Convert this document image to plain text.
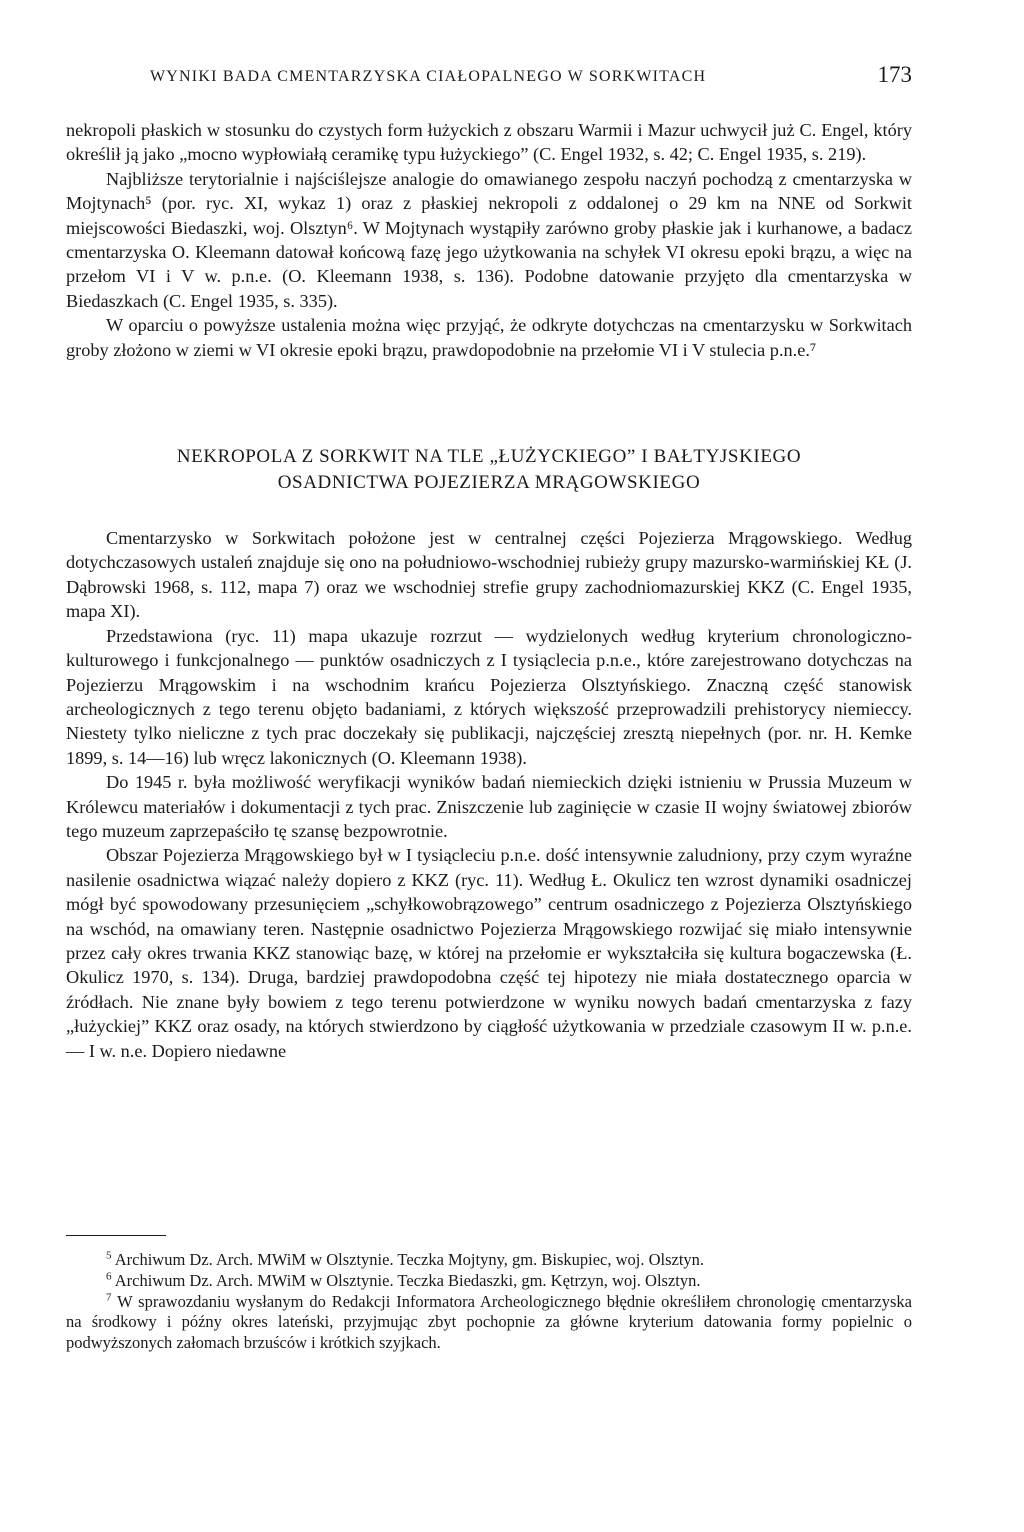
WYNIKI BADA CMENTARZYSKA CIAŁOPALNEGO W SORKWITACH	173

nekropoli płaskich w stosunku do czystych form łużyckich z obszaru Warmii i Mazur uchwycił już C. Engel, który określił ją jako „mocno wypłowiałą ceramikę typu łużyckiego” (C. Engel 1932, s. 42; C. Engel 1935, s. 219).

Najbliższe terytorialnie i najściślejsze analogie do omawianego zespołu naczyń pochodzą z cmentarzyska w Mojtynach⁵ (por. ryc. XI, wykaz 1) oraz z płaskiej nekropoli z oddalonej o 29 km na NNE od Sorkwit miejscowości Biedaszki, woj. Olsztyn⁶. W Mojtynach wystąpiły zarówno groby płaskie jak i kurhanowe, a badacz cmentarzyska O. Kleemann datował końcową fazę jego użytkowania na schyłek VI okresu epoki brązu, a więc na przełom VI i V w. p.n.e. (O. Kleemann 1938, s. 136). Podobne datowanie przyjęto dla cmentarzyska w Biedaszkach (C. Engel 1935, s. 335).

W oparciu o powyższe ustalenia można więc przyjąć, że odkryte dotychczas na cmentarzysku w Sorkwitach groby złożono w ziemi w VI okresie epoki brązu, prawdopodobnie na przełomie VI i V stulecia p.n.e.⁷

NEKROPOLA Z SORKWIT NA TLE „ŁUŻYCKIEGO” I BAŁTYJSKIEGO

OSADNICTWA POJEZIERZA MRĄGOWSKIEGO

Cmentarzysko w Sorkwitach położone jest w centralnej części Pojezierza Mrągowskiego. Według dotychczasowych ustaleń znajduje się ono na południowo-wschodniej rubieży grupy mazursko-warmińskiej KŁ (J. Dąbrowski 1968, s. 112, mapa 7) oraz we wschodniej strefie grupy zachodniomazurskiej KKZ (C. Engel 1935, mapa XI).

Przedstawiona (ryc. 11) mapa ukazuje rozrzut — wydzielonych według kryterium chronologiczno-kulturowego i funkcjonalnego — punktów osadniczych z I tysiąclecia p.n.e., które zarejestrowano dotychczas na Pojezierzu Mrągowskim i na wschodnim krańcu Pojezierza Olsztyńskiego. Znaczną część stanowisk archeologicznych z tego terenu objęto badaniami, z których większość przeprowadzili prehistorycy niemieccy. Niestety tylko nieliczne z tych prac doczekały się publikacji, najczęściej zresztą niepełnych (por. nr. H. Kemke 1899, s. 14—16) lub wręcz lakonicznych (O. Kleemann 1938).

Do 1945 r. była możliwość weryfikacji wyników badań niemieckich dzięki istnieniu w Prussia Muzeum w Królewcu materiałów i dokumentacji z tych prac. Zniszczenie lub zaginięcie w czasie II wojny światowej zbiorów tego muzeum zaprzepaściło tę szansę bezpowrotnie.

Obszar Pojezierza Mrągowskiego był w I tysiącleciu p.n.e. dość intensywnie zaludniony, przy czym wyraźne nasilenie osadnictwa wiązać należy dopiero z KKZ (ryc. 11). Według Ł. Okulicz ten wzrost dynamiki osadniczej mógł być spowodowany przesunięciem „schyłkowobrązowego” centrum osadniczego z Pojezierza Olsztyńskiego na wschód, na omawiany teren. Następnie osadnictwo Pojezierza Mrągowskiego rozwijać się miało intensywnie przez cały okres trwania KKZ stanowiąc bazę, w której na przełomie er wykształciła się kultura bogaczewska (Ł. Okulicz 1970, s. 134). Druga, bardziej prawdopodobna część tej hipotezy nie miała dostatecznego oparcia w źródłach. Nie znane były bowiem z tego terenu potwierdzone w wyniku nowych badań cmentarzyska z fazy „łużyckiej” KKZ oraz osady, na których stwierdzono by ciągłość użytkowania w przedziale czasowym II w. p.n.e. — I w. n.e. Dopiero niedawne

$^5$ Archiwum Dz. Arch. MWiM w Olsztynie. Teczka Mojtyny, gm. Biskupiec, woj. Olsztyn.

$^6$ Archiwum Dz. Arch. MWiM w Olsztynie. Teczka Biedaszki, gm. Kętrzyn, woj. Olsztyn.

$^7$ W sprawozdaniu wysłanym do Redakcji Informatora Archeologicznego błędnie określiłem chronologię cmentarzyska na środkowy i późny okres lateński, przyjmując zbyt pochopnie za główne kryterium datowania formy popielnic o podwyższonych załomach brzuśców i krótkich szyjkach.
